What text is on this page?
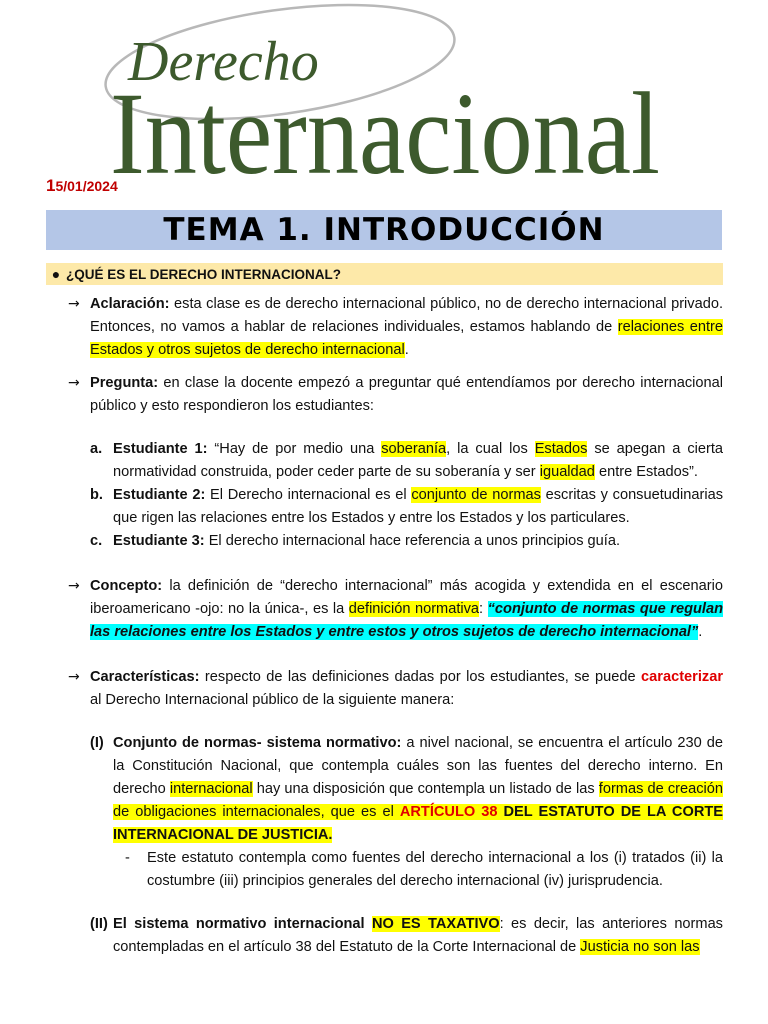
Derecho
Internacional
15/01/2024
TEMA 1. INTRODUCCIÓN
● ¿QUÉ ES EL DERECHO INTERNACIONAL?
→ Aclaración: esta clase es de derecho internacional público, no de derecho internacional privado. Entonces, no vamos a hablar de relaciones individuales, estamos hablando de relaciones entre Estados y otros sujetos de derecho internacional.
→ Pregunta: en clase la docente empezó a preguntar qué entendíamos por derecho internacional público y esto respondieron los estudiantes:
a. Estudiante 1: “Hay de por medio una soberanía, la cual los Estados se apegan a cierta normatividad construida, poder ceder parte de su soberanía y ser igualdad entre Estados”.
b. Estudiante 2: El Derecho internacional es el conjunto de normas escritas y consuetudinarias que rigen las relaciones entre los Estados y entre los Estados y los particulares.
c. Estudiante 3: El derecho internacional hace referencia a unos principios guía.
→ Concepto: la definición de “derecho internacional” más acogida y extendida en el escenario iberoamericano -ojo: no la única-, es la definición normativa: “conjunto de normas que regulan las relaciones entre los Estados y entre estos y otros sujetos de derecho internacional”.
→ Características: respecto de las definiciones dadas por los estudiantes, se puede caracterizar al Derecho Internacional público de la siguiente manera:
(I) Conjunto de normas- sistema normativo: a nivel nacional, se encuentra el artículo 230 de la Constitución Nacional, que contempla cuáles son las fuentes del derecho interno. En derecho internacional hay una disposición que contempla un listado de las formas de creación de obligaciones internacionales, que es el ARTÍCULO 38 DEL ESTATUTO DE LA CORTE INTERNACIONAL DE JUSTICIA.
- Este estatuto contempla como fuentes del derecho internacional a los (i) tratados (ii) la costumbre (iii) principios generales del derecho internacional (iv) jurisprudencia.
(II) El sistema normativo internacional NO ES TAXATIVO: es decir, las anteriores normas contempladas en el artículo 38 del Estatuto de la Corte Internacional de Justicia no son las
